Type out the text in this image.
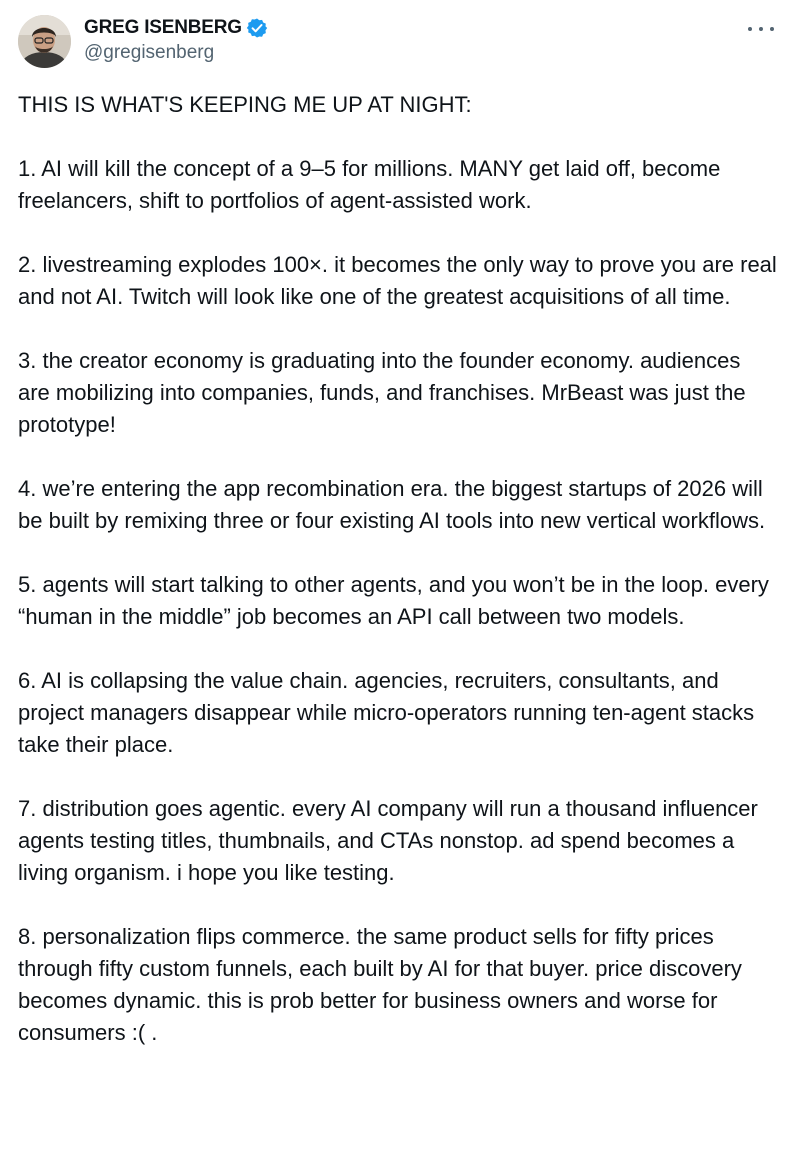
GREG ISENBERG
@gregisenberg

THIS IS WHAT'S KEEPING ME UP AT NIGHT:

1. AI will kill the concept of a 9–5 for millions. MANY get laid off, become freelancers, shift to portfolios of agent-assisted work.

2. livestreaming explodes 100×. it becomes the only way to prove you are real and not AI. Twitch will look like one of the greatest acquisitions of all time.

3. the creator economy is graduating into the founder economy. audiences are mobilizing into companies, funds, and franchises. MrBeast was just the prototype!

4. we’re entering the app recombination era. the biggest startups of 2026 will be built by remixing three or four existing AI tools into new vertical workflows.

5. agents will start talking to other agents, and you won’t be in the loop. every “human in the middle” job becomes an API call between two models.

6. AI is collapsing the value chain. agencies, recruiters, consultants, and project managers disappear while micro-operators running ten-agent stacks take their place.

7. distribution goes agentic. every AI company will run a thousand influencer agents testing titles, thumbnails, and CTAs nonstop. ad spend becomes a living organism. i hope you like testing.

8. personalization flips commerce. the same product sells for fifty prices through fifty custom funnels, each built by AI for that buyer. price discovery becomes dynamic. this is prob better for business owners and worse for consumers :( .
